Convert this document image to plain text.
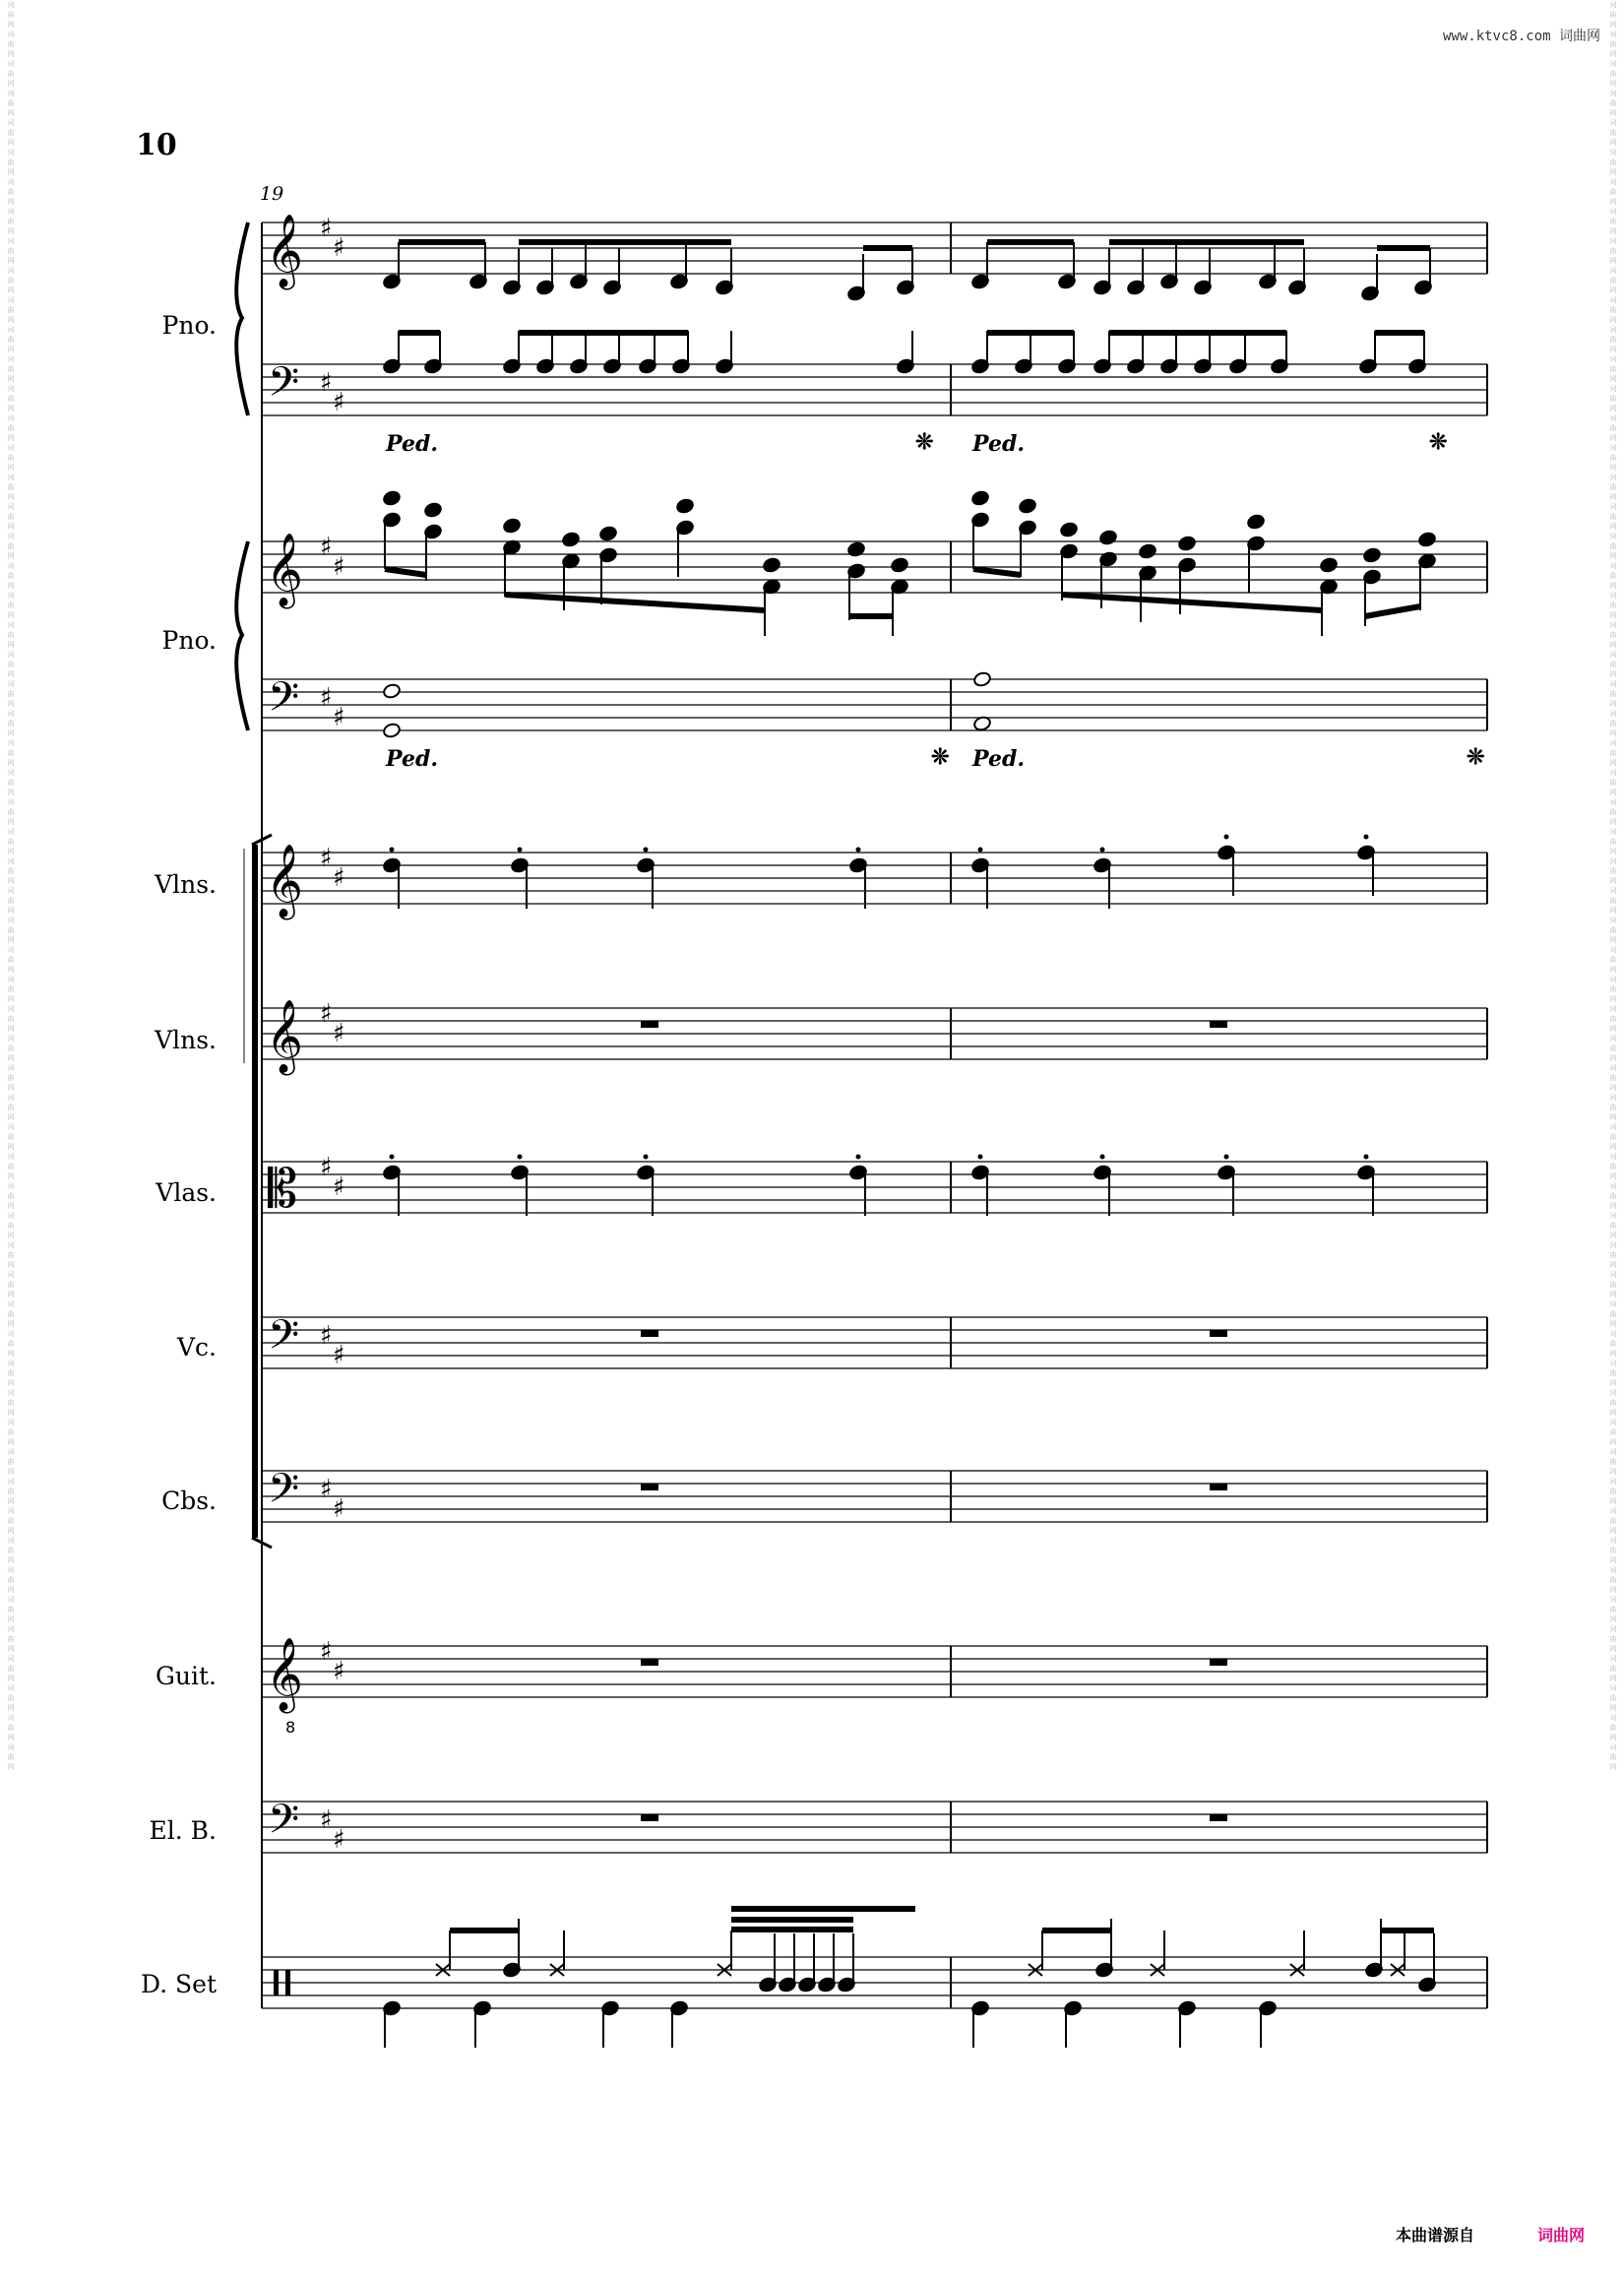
词
曲
网
词
曲
网
词
曲
网
词
曲
网
词
曲
网
词
曲
网
词
曲
网
词
曲
网
词
曲
网
词
曲
网
词
曲
网
词
曲
网
词
曲
网
词
曲
网
词
曲
网
词
曲
网
词
曲
网
词
曲
网
词
曲
网
词
曲
网
词
曲
网
词
曲
网
词
曲
网
词
曲
网
词
曲
网
词
曲
网
词
曲
网
词
曲
网
词
曲
网
词
曲
网
词
曲
网
词
曲
网
词
曲
网
词
曲
网
词
曲
网
词
曲
网
词
曲
网
词
曲
网
词
曲
网
词
曲
网
词
曲
网
词
曲
网
词
曲
网
词
曲
网
词
曲
网
词
曲
网
词
曲
网
词
曲
网
词
曲
网
词
曲
网
词
曲
网
词
曲
网
词
曲
网
词
曲
网
词
曲
网
词
曲
网
词
曲
网
词
曲
网
词
曲
网
词
曲
网
词
曲
网
词
曲
网
词
曲
网
词
曲
网
词
曲
网
词
曲
网
词
曲
网
词
曲
网
词
曲
网
词
曲
网
词
曲
网
词
曲
网
词
曲
网
词
曲
网
词
曲
网
词
曲
网
词
曲
网
词
曲
网
词
曲
网
词
曲
网
词
曲
网
词
曲
网
词
曲
网
词
曲
网
词
曲
网
词
曲
网
词
曲
网
词
曲
网
词
曲
网
词
曲
网
词
曲
网
词
曲
网
词
曲
网
词
曲
网
词
曲
网
词
曲
网
词
曲
网
词
曲
网
词
曲
网
词
曲
网
词
曲
网
词
曲
网
词
曲
网
词
曲
网
词
曲
网
词
曲
网
词
曲
网
词
曲
网
词
曲
网
词
曲
网
词
曲
网
词
曲
网
词
曲
网
词
曲
网
词
曲
网
词
曲
网
词
曲
网
词
曲
网
词
曲
网
词
曲
网
www.ktvc8.com 词曲网
10
19
Pno.
Pno.
Vlns.
Vlns.
Vlas.
Vc.
Cbs.
Guit.
El. B.
D. Set
Ped.	❊ Ped.	❊
Ped.	❊ Ped.	❊
𝄞 ♯
♯
𝄢 ♯
♯
𝄞 ♯
♯
𝄢 ♯
♯
𝄞 ♯
♯
𝄞 ♯
♯
𝄡 ♯
♯
𝄢 ♯
♯
𝄢 ♯
♯
𝄞 ♯
♯
8
𝄢 ♯
♯
本曲谱源自	词曲网
